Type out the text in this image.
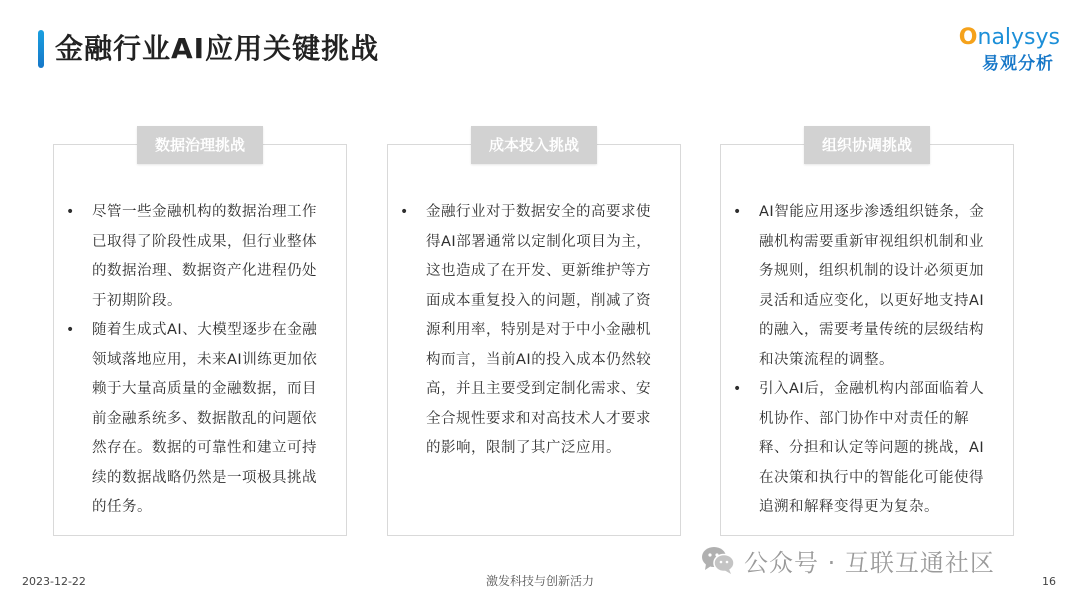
金融行业AI应用关键挑战	Onalysys
易观分析
数据治理挑战
• 尽管一些金融机构的数据治理工作已取得了阶段性成果，但行业整体的数据治理、数据资产化进程仍处于初期阶段。
• 随着生成式AI、大模型逐步在金融领域落地应用，未来AI训练更加依赖于大量高质量的金融数据，而目前金融系统多、数据散乱的问题依然存在。数据的可靠性和建立可持续的数据战略仍然是一项极具挑战的任务。
成本投入挑战
• 金融行业对于数据安全的高要求使得AI部署通常以定制化项目为主，这也造成了在开发、更新维护等方面成本重复投入的问题，削减了资源利用率，特别是对于中小金融机构而言，当前AI的投入成本仍然较高，并且主要受到定制化需求、安全合规性要求和对高技术人才要求的影响，限制了其广泛应用。
组织协调挑战
• AI智能应用逐步渗透组织链条，金融机构需要重新审视组织机制和业务规则，组织机制的设计必须更加灵活和适应变化，以更好地支持AI的融入，需要考量传统的层级结构和决策流程的调整。
• 引入AI后，金融机构内部面临着人机协作、部门协作中对责任的解释、分担和认定等问题的挑战，AI在决策和执行中的智能化可能使得追溯和解释变得更为复杂。
公众号 · 互联互通社区
2023-12-22	激发科技与创新活力	16
